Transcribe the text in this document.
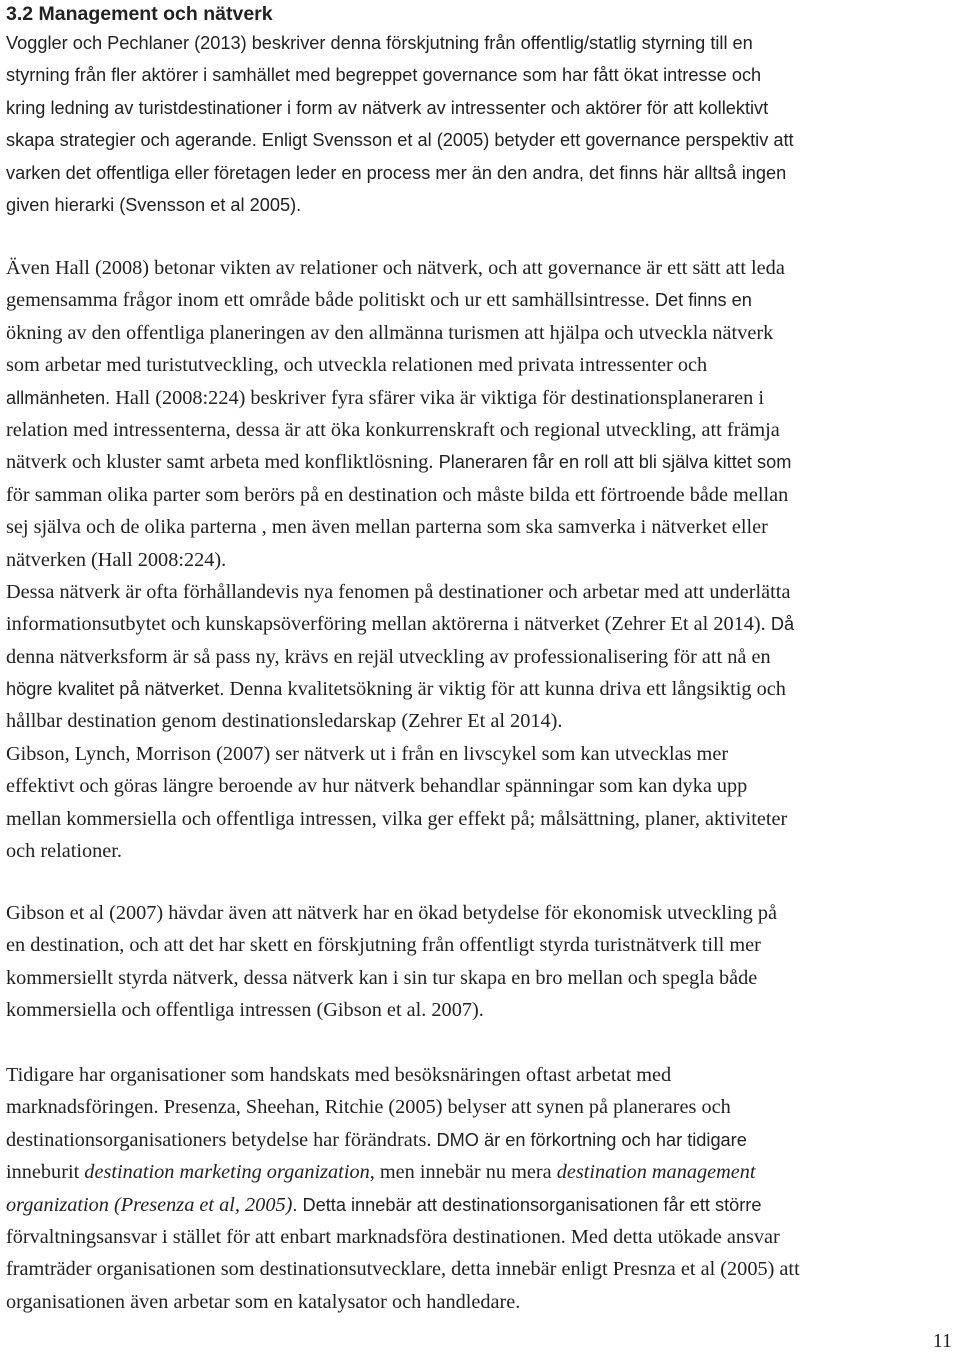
3.2 Management och nätverk
Voggler och Pechlaner (2013) beskriver denna förskjutning från offentlig/statlig styrning till en
styrning från fler aktörer i samhället med begreppet governance som har fått ökat intresse och
kring ledning av turistdestinationer i form av nätverk av intressenter och aktörer för att kollektivt
skapa strategier och agerande. Enligt Svensson et al (2005) betyder ett governance perspektiv att
varken det offentliga eller företagen leder en process mer än den andra, det finns här alltså ingen
given hierarki (Svensson et al 2005).
Även Hall (2008) betonar vikten av relationer och nätverk, och att governance är ett sätt att leda
gemensamma frågor inom ett område både politiskt och ur ett samhällsintresse. Det finns en
ökning av den offentliga planeringen av den allmänna turismen att hjälpa och utveckla nätverk
som arbetar med turistutveckling, och utveckla relationen med privata intressenter och
allmänheten. Hall (2008:224) beskriver fyra sfärer vika är viktiga för destinationsplaneraren i
relation med intressenterna, dessa är att öka konkurrenskraft och regional utveckling, att främja
nätverk och kluster samt arbeta med konfliktlösning. Planeraren får en roll att bli själva kittet som
för samman olika parter som berörs på en destination och måste bilda ett förtroende både mellan
sej själva och de olika parterna , men även mellan parterna som ska samverka i nätverket eller
nätverken (Hall 2008:224).
Dessa nätverk är ofta förhållandevis nya fenomen på destinationer och arbetar med att underlätta
informationsutbytet och kunskapsöverföring mellan aktörerna i nätverket (Zehrer Et al 2014). Då
denna nätverksform är så pass ny, krävs en rejäl utveckling av professionalisering för att nå en
högre kvalitet på nätverket. Denna kvalitetsökning är viktig för att kunna driva ett långsiktig och
hållbar destination genom destinationsledarskap (Zehrer Et al 2014).
Gibson, Lynch, Morrison (2007) ser nätverk ut i från en livscykel som kan utvecklas mer
effektivt och göras längre beroende av hur nätverk behandlar spänningar som kan dyka upp
mellan kommersiella och offentliga intressen, vilka ger effekt på; målsättning, planer, aktiviteter
och relationer.
Gibson et al (2007) hävdar även att nätverk har en ökad betydelse för ekonomisk utveckling på
en destination, och att det har skett en förskjutning från offentligt styrda turistnätverk till mer
kommersiellt styrda nätverk, dessa nätverk kan i sin tur skapa en bro mellan och spegla både
kommersiella och offentliga intressen (Gibson et al. 2007).
Tidigare har organisationer som handskats med besöksnäringen oftast arbetat med
marknadsföringen. Presenza, Sheehan, Ritchie (2005) belyser att synen på planerares och
destinationsorganisationers betydelse har förändrats. DMO är en förkortning och har tidigare
inneburit destination marketing organization, men innebär nu mera destination management
organization (Presenza et al, 2005). Detta innebär att destinationsorganisationen får ett större
förvaltningsansvar i stället för att enbart marknadsföra destinationen. Med detta utökade ansvar
framträder organisationen som destinationsutvecklare, detta innebär enligt Presnza et al (2005) att
organisationen även arbetar som en katalysator och handledare.
11
